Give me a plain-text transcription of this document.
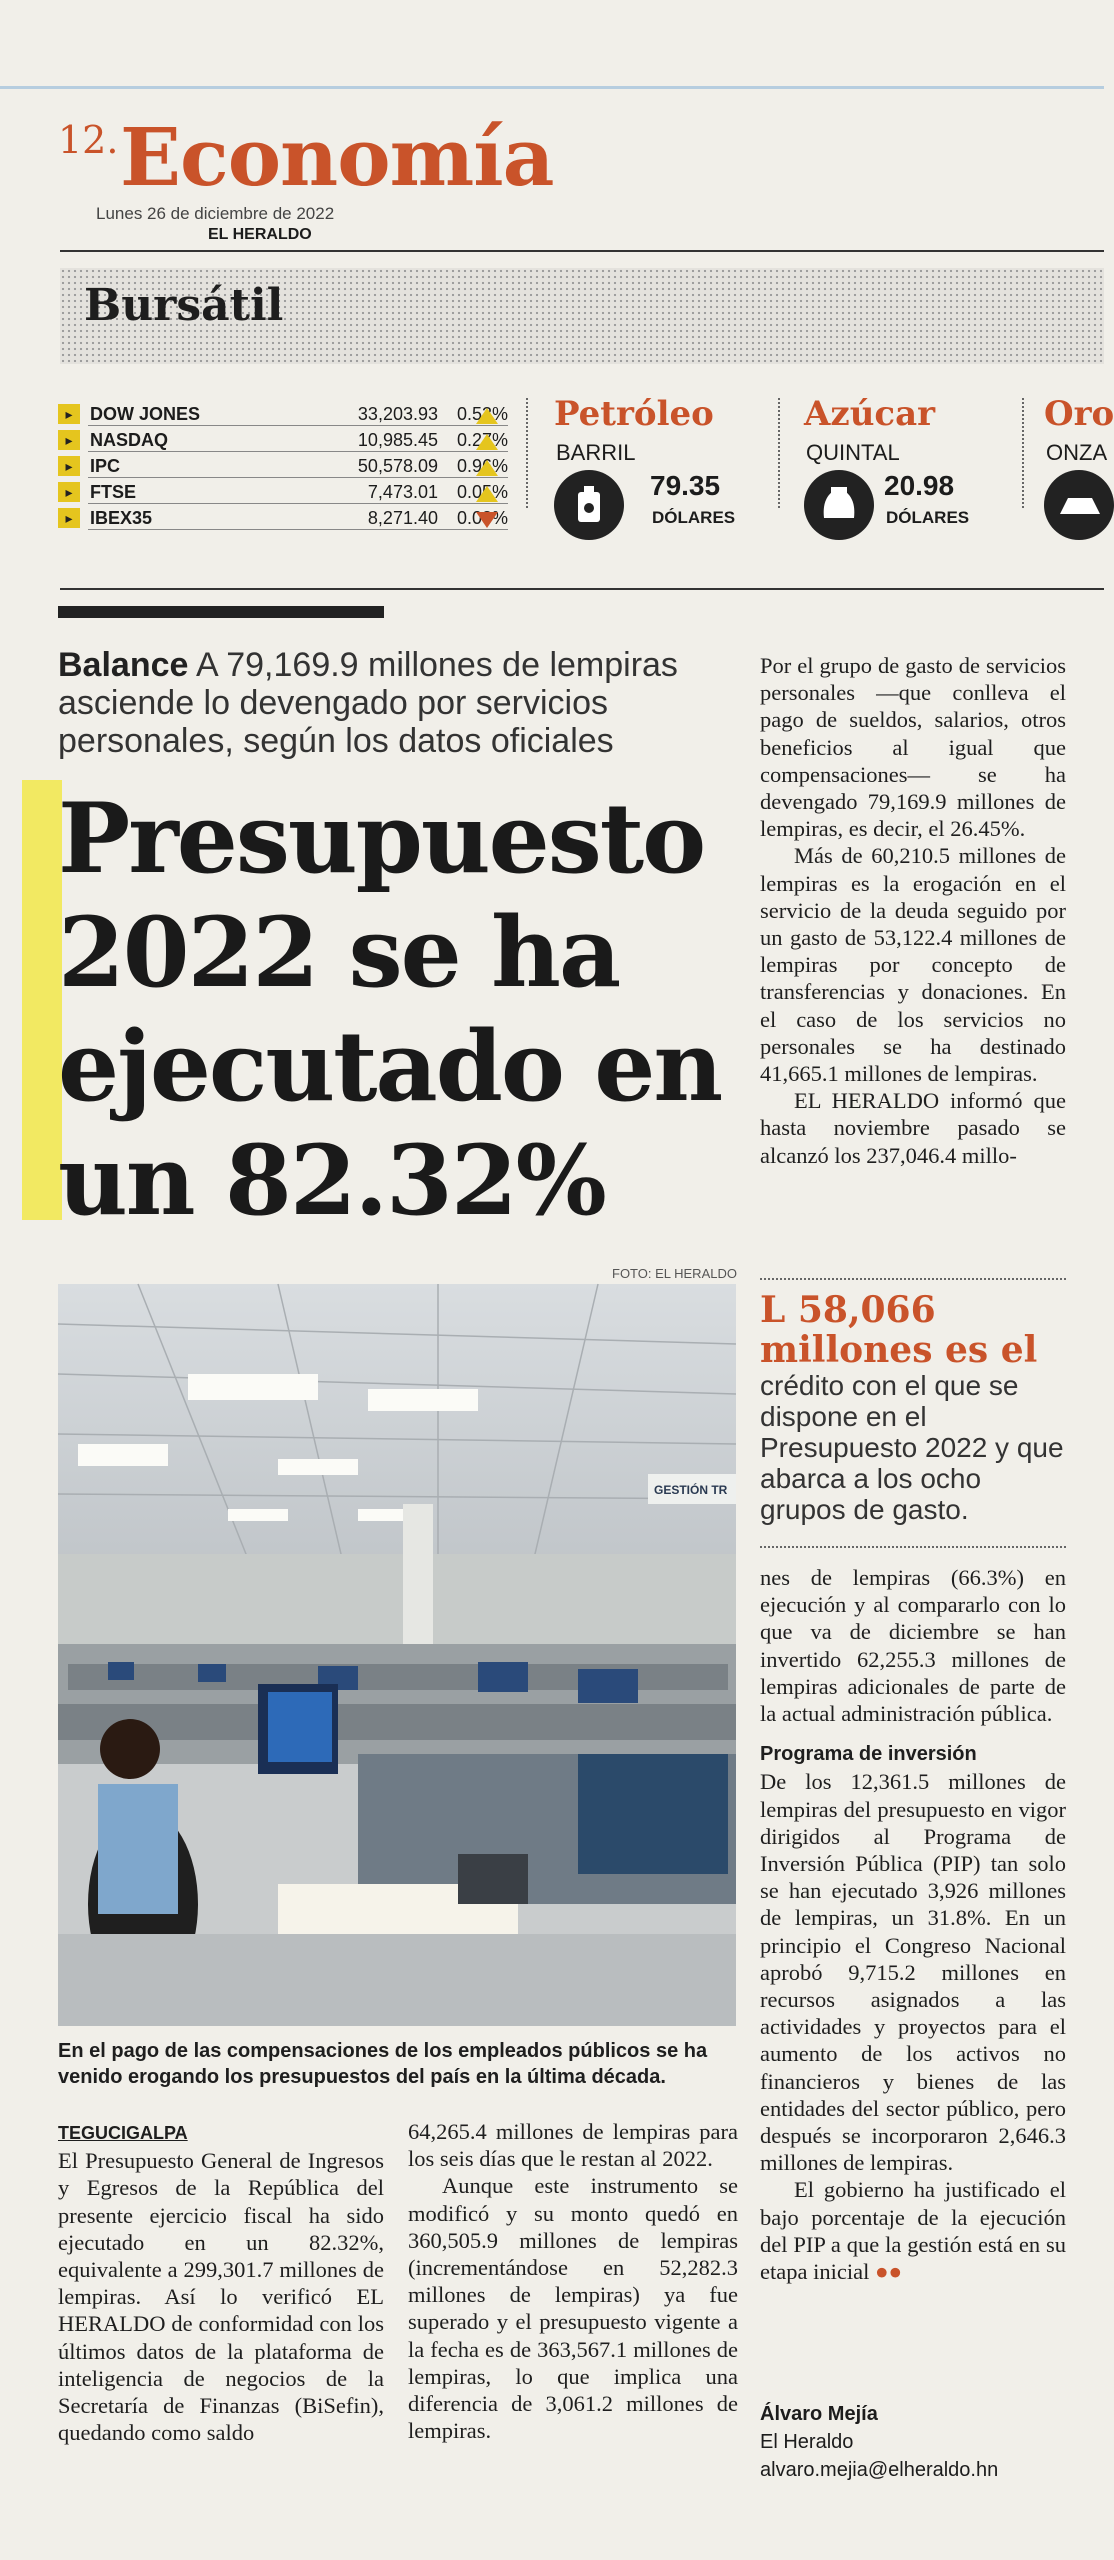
12. Economía
Lunes 26 de diciembre de 2022
EL HERALDO
Bursátil
▸ DOW JONES	33,203.93	0.53%
▸ NASDAQ	10,985.45	0.27%
▸ IPC	50,578.09	0.96%
▸ FTSE	7,473.01	0.05%
▸ IBEX35	8,271.40	0.08%
Petróleo
BARRIL
79.35
DÓLARES
Azúcar
QUINTAL
20.98
DÓLARES
Oro
ONZA
Balance A 79,169.9 millones de lempiras asciende lo devengado por servicios personales, según los datos oficiales
Presupuesto 2022 se ha ejecutado en un 82.32%
FOTO: EL HERALDO
GESTIÓN TR
En el pago de las compensaciones de los empleados públicos se ha venido erogando los presupuestos del país en la última década.
TEGUCIGALPA

El Presupuesto General de Ingresos y Egresos de la República del presente ejercicio fiscal ha sido ejecutado en un 82.32%, equivalente a 299,301.7 millones de lempiras. Así lo verificó EL HERALDO de conformidad con los últimos datos de la plataforma de inteligencia de negocios de la Secretaría de Finanzas (BiSefin), quedando como saldo

64,265.4 millones de lempiras para los seis días que le restan al 2022.

Aunque este instrumento se modificó y su monto quedó en 360,505.9 millones de lempiras (incrementándose en 52,282.3 millones de lempiras) ya fue superado y el presupuesto vigente a la fecha es de 363,567.1 millones de lempiras, lo que implica una diferencia de 3,061.2 millones de lempiras.

Por el grupo de gasto de servicios personales —que conlleva el pago de sueldos, salarios, otros beneficios al igual que compensaciones— se ha devengado 79,169.9 millones de lempiras, es decir, el 26.45%.

Más de 60,210.5 millones de lempiras es la erogación en el servicio de la deuda seguido por un gasto de 53,122.4 millones de lempiras por concepto de transferencias y donaciones. En el caso de los servicios no personales se ha destinado 41,665.1 millones de lempiras.

EL HERALDO informó que hasta noviembre pasado se alcanzó los 237,046.4 millo-

L 58,066 millones es el
crédito con el que se dispone en el Presupuesto 2022 y que abarca a los ocho grupos de gasto.

nes de lempiras (66.3%) en ejecución y al compararlo con lo que va de diciembre se han invertido 62,255.3 millones de lempiras adicionales de parte de la actual administración pública.

Programa de inversión

De los 12,361.5 millones de lempiras del presupuesto en vigor dirigidos al Programa de Inversión Pública (PIP) tan solo se han ejecutado 3,926 millones de lempiras, un 31.8%. En un principio el Congreso Nacional aprobó 9,715.2 millones en recursos asignados a las actividades y proyectos para el aumento de los activos no financieros y bienes de las entidades del sector público, pero después se incorporaron 2,646.3 millones de lempiras.

El gobierno ha justificado el bajo porcentaje de la ejecución del PIP a que la gestión está en su etapa inicial ●●

Álvaro Mejía
El Heraldo
alvaro.mejia@elheraldo.hn
